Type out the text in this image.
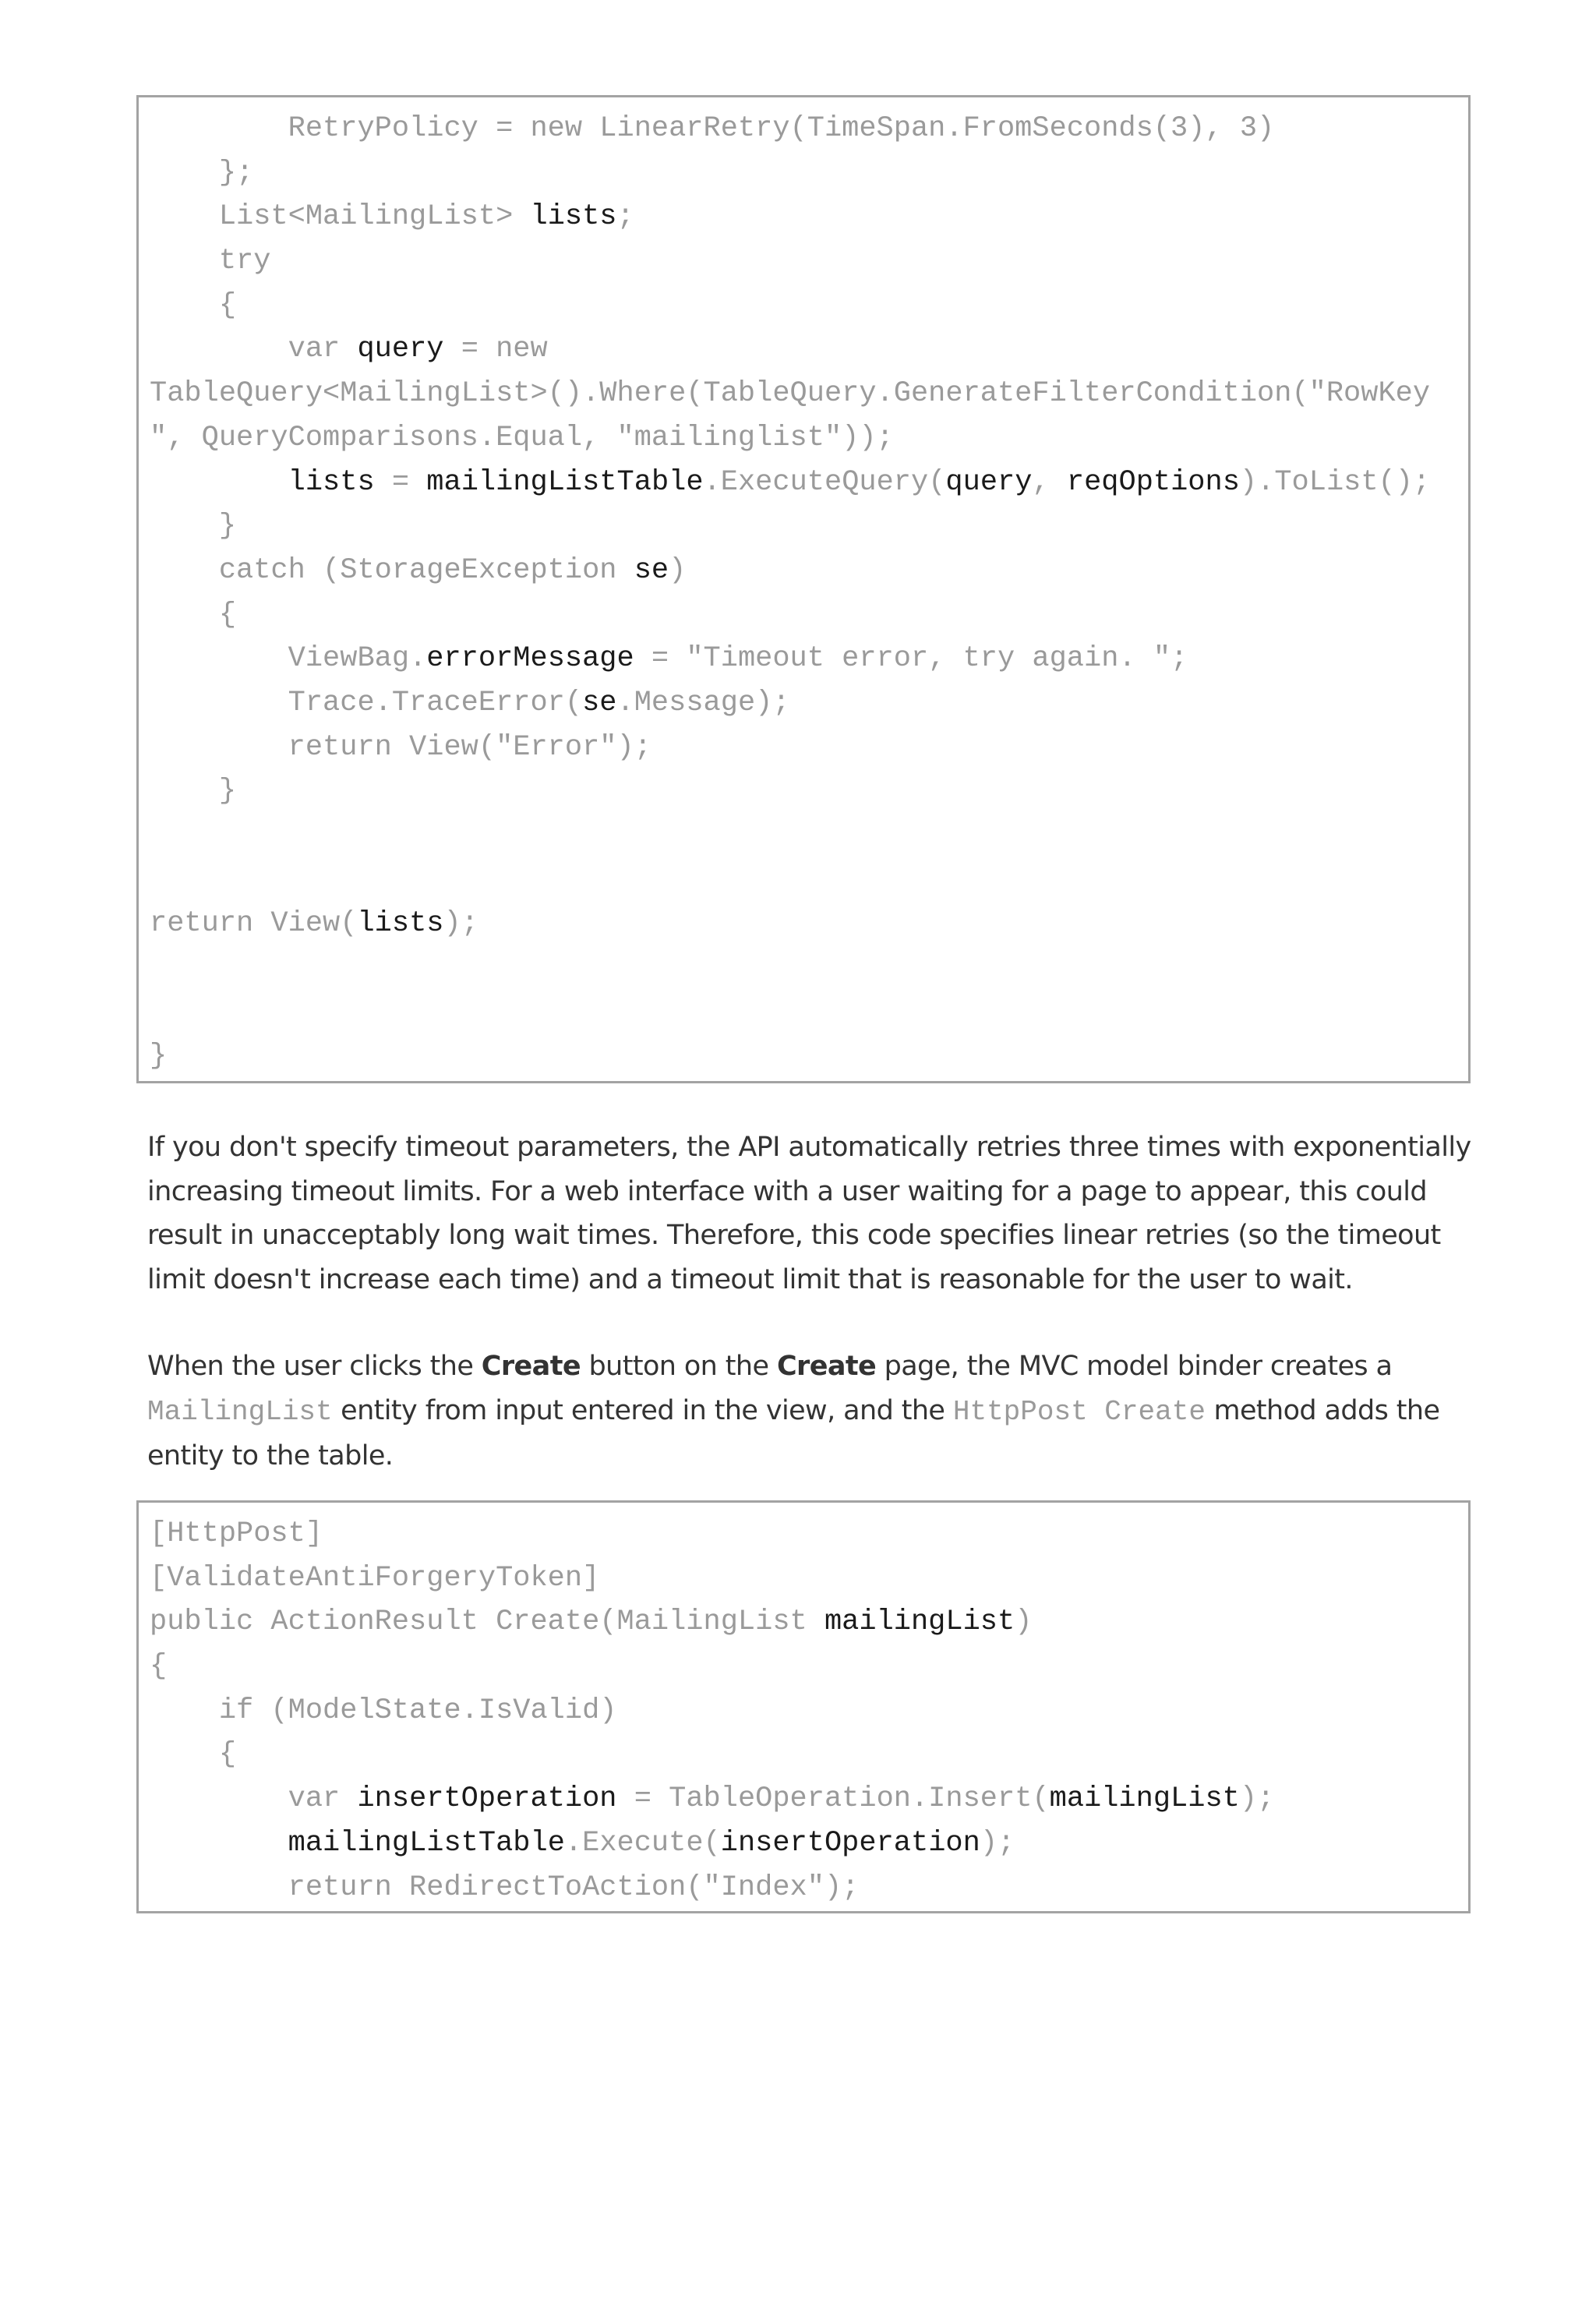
RetryPolicy = new LinearRetry(TimeSpan.FromSeconds(3), 3)
};
List<MailingList> lists;
try
{
var query = new
TableQuery<MailingList>().Where(TableQuery.GenerateFilterCondition("RowKey
", QueryComparisons.Equal, "mailinglist"));
lists = mailingListTable.ExecuteQuery(query, reqOptions).ToList();
}
catch (StorageException se)
{
ViewBag.errorMessage = "Timeout error, try again. ";
Trace.TraceError(se.Message);
return View("Error");
}
return View(lists);
}

If you don't specify timeout parameters, the API automatically retries three times with exponentially increasing timeout limits. For a web interface with a user waiting for a page to appear, this could result in unacceptably long wait times. Therefore, this code specifies linear retries (so the timeout limit doesn't increase each time) and a timeout limit that is reasonable for the user to wait.

When the user clicks the Create button on the Create page, the MVC model binder creates a MailingList entity from input entered in the view, and the HttpPost Create method adds the entity to the table.

[HttpPost]
[ValidateAntiForgeryToken]
public ActionResult Create(MailingList mailingList)
{
if (ModelState.IsValid)
{
var insertOperation = TableOperation.Insert(mailingList);
mailingListTable.Execute(insertOperation);
return RedirectToAction("Index");
